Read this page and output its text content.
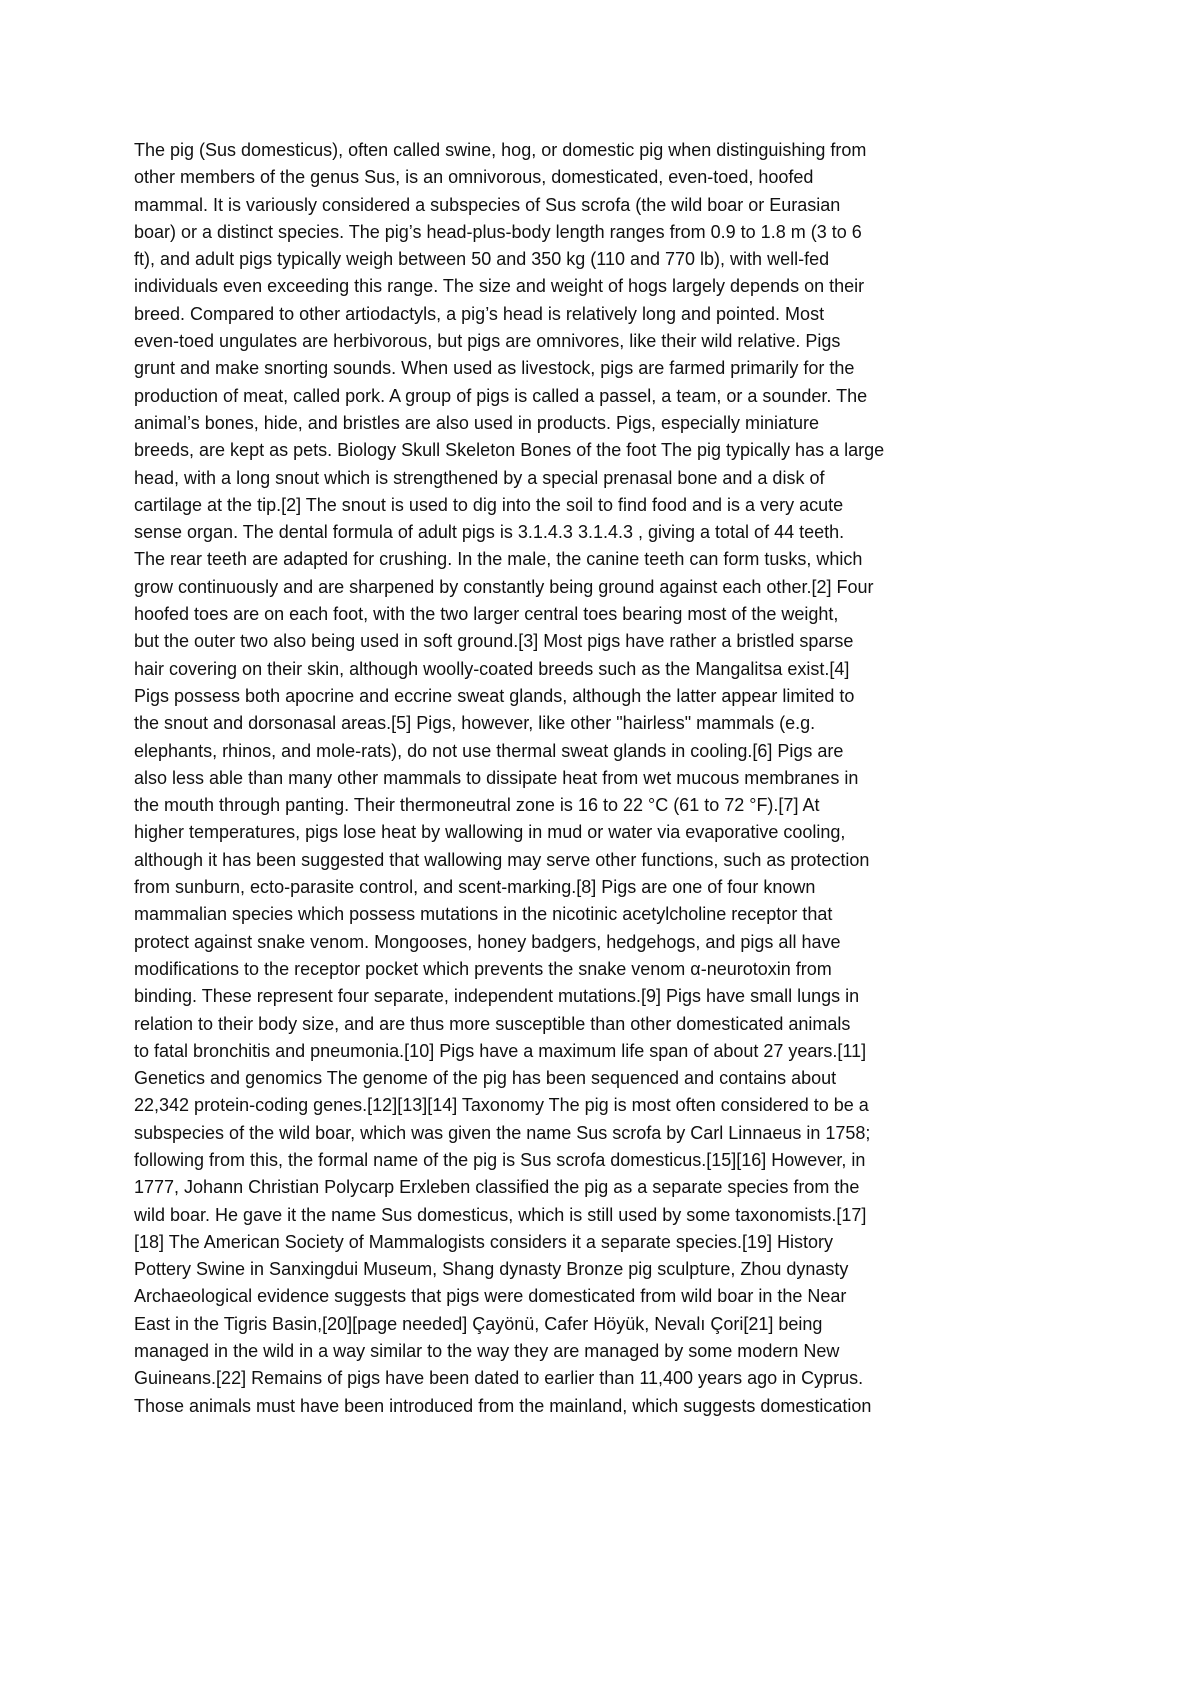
The pig (Sus domesticus), often called swine, hog, or domestic pig when distinguishing from
other members of the genus Sus, is an omnivorous, domesticated, even-toed, hoofed
mammal. It is variously considered a subspecies of Sus scrofa (the wild boar or Eurasian
boar) or a distinct species. The pig’s head-plus-body length ranges from 0.9 to 1.8 m (3 to 6
ft), and adult pigs typically weigh between 50 and 350 kg (110 and 770 lb), with well-fed
individuals even exceeding this range. The size and weight of hogs largely depends on their
breed. Compared to other artiodactyls, a pig’s head is relatively long and pointed. Most
even-toed ungulates are herbivorous, but pigs are omnivores, like their wild relative. Pigs
grunt and make snorting sounds. When used as livestock, pigs are farmed primarily for the
production of meat, called pork. A group of pigs is called a passel, a team, or a sounder. The
animal’s bones, hide, and bristles are also used in products. Pigs, especially miniature
breeds, are kept as pets. Biology Skull Skeleton Bones of the foot The pig typically has a large
head, with a long snout which is strengthened by a special prenasal bone and a disk of
cartilage at the tip.[2] The snout is used to dig into the soil to find food and is a very acute
sense organ. The dental formula of adult pigs is 3.1.4.3 3.1.4.3 , giving a total of 44 teeth.
The rear teeth are adapted for crushing. In the male, the canine teeth can form tusks, which
grow continuously and are sharpened by constantly being ground against each other.[2] Four
hoofed toes are on each foot, with the two larger central toes bearing most of the weight,
but the outer two also being used in soft ground.[3] Most pigs have rather a bristled sparse
hair covering on their skin, although woolly-coated breeds such as the Mangalitsa exist.[4]
Pigs possess both apocrine and eccrine sweat glands, although the latter appear limited to
the snout and dorsonasal areas.[5] Pigs, however, like other "hairless" mammals (e.g.
elephants, rhinos, and mole-rats), do not use thermal sweat glands in cooling.[6] Pigs are
also less able than many other mammals to dissipate heat from wet mucous membranes in
the mouth through panting. Their thermoneutral zone is 16 to 22 °C (61 to 72 °F).[7] At
higher temperatures, pigs lose heat by wallowing in mud or water via evaporative cooling,
although it has been suggested that wallowing may serve other functions, such as protection
from sunburn, ecto-parasite control, and scent-marking.[8] Pigs are one of four known
mammalian species which possess mutations in the nicotinic acetylcholine receptor that
protect against snake venom. Mongooses, honey badgers, hedgehogs, and pigs all have
modifications to the receptor pocket which prevents the snake venom α-neurotoxin from
binding. These represent four separate, independent mutations.[9] Pigs have small lungs in
relation to their body size, and are thus more susceptible than other domesticated animals
to fatal bronchitis and pneumonia.[10] Pigs have a maximum life span of about 27 years.[11]
Genetics and genomics The genome of the pig has been sequenced and contains about
22,342 protein-coding genes.[12][13][14] Taxonomy The pig is most often considered to be a
subspecies of the wild boar, which was given the name Sus scrofa by Carl Linnaeus in 1758;
following from this, the formal name of the pig is Sus scrofa domesticus.[15][16] However, in
1777, Johann Christian Polycarp Erxleben classified the pig as a separate species from the
wild boar. He gave it the name Sus domesticus, which is still used by some taxonomists.[17]
[18] The American Society of Mammalogists considers it a separate species.[19] History
Pottery Swine in Sanxingdui Museum, Shang dynasty Bronze pig sculpture, Zhou dynasty
Archaeological evidence suggests that pigs were domesticated from wild boar in the Near
East in the Tigris Basin,[20][page needed] Çayönü, Cafer Höyük, Nevalı Çori[21] being
managed in the wild in a way similar to the way they are managed by some modern New
Guineans.[22] Remains of pigs have been dated to earlier than 11,400 years ago in Cyprus.
Those animals must have been introduced from the mainland, which suggests domestication
